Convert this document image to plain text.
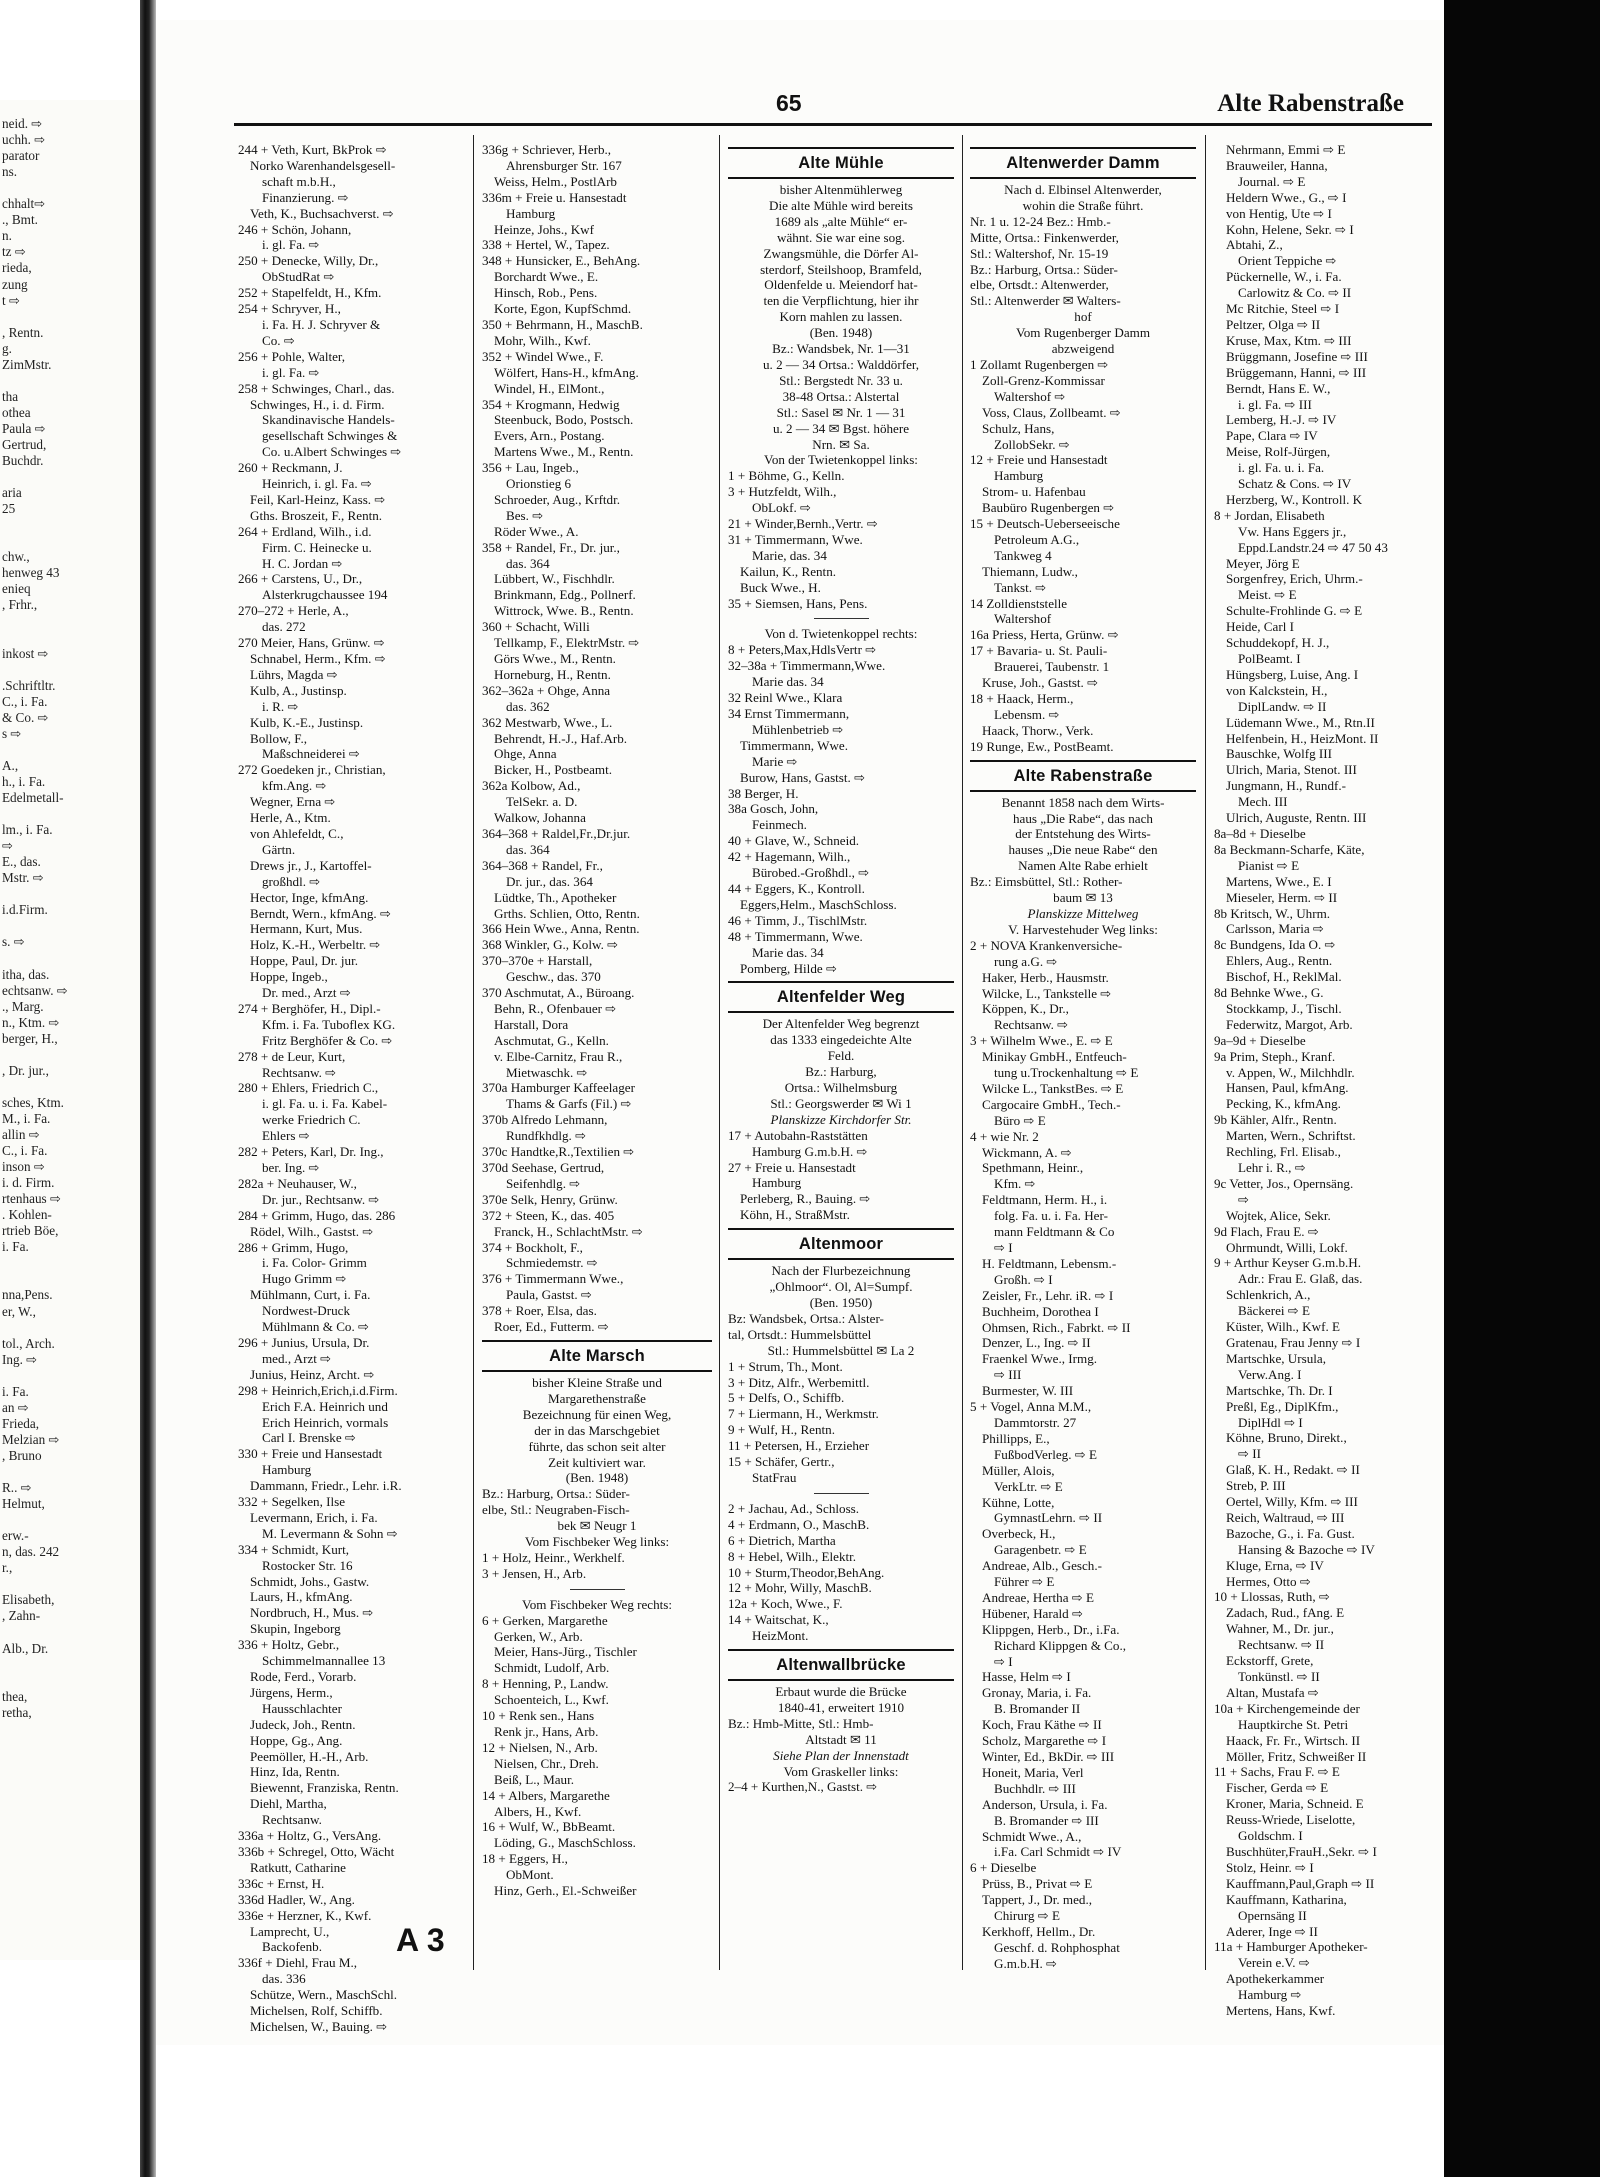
neid. ⇨
uchh. ⇨
parator
ns.

chhalt⇨
., Bmt.
n.
tz ⇨
rieda,
zung
t ⇨

, Rentn.
g.
ZimMstr.

tha
othea
Paula ⇨
Gertrud,
Buchdr.

aria
25

chw.,
henweg 43
enieq
, Frhr.,

inkost ⇨

.Schriftltr.
C., i. Fa.
& Co. ⇨
s ⇨

A.,
h., i. Fa.
Edelmetall-

lm., i. Fa.
⇨
E., das.
Mstr. ⇨

i.d.Firm.

s. ⇨

itha, das.
echtsanw. ⇨
., Marg.
n., Ktm. ⇨
berger, H.,

, Dr. jur.,

sches, Ktm.
M., i. Fa.
allin ⇨
C., i. Fa.
inson ⇨
i. d. Firm.
rtenhaus ⇨
. Kohlen-
rtrieb Böe,
i. Fa.

nna,Pens.
er, W.,

tol., Arch.
Ing. ⇨

i. Fa.
an ⇨
Frieda,
Melzian ⇨
, Bruno

R.. ⇨
Helmut,

erw.-
n, das. 242
r.,

Elisabeth,
, Zahn-

Alb., Dr.

thea,
retha,
65	Alte Rabenstraße
244 + Veth, Kurt, BkProk ⇨
Norko Warenhandelsgesell-
schaft m.b.H.,
Finanzierung. ⇨
Veth, K., Buchsachverst. ⇨
246 + Schön, Johann,
i. gl. Fa. ⇨
250 + Denecke, Willy, Dr.,
ObStudRat ⇨
252 + Stapelfeldt, H., Kfm.
254 + Schryver, H.,
i. Fa. H. J. Schryver &
Co. ⇨
256 + Pohle, Walter,
i. gl. Fa. ⇨
258 + Schwinges, Charl., das.
Schwinges, H., i. d. Firm.
Skandinavische Handels-
gesellschaft Schwinges &
Co. u.Albert Schwinges ⇨
260 + Reckmann, J.
Heinrich, i. gl. Fa. ⇨
Feil, Karl-Heinz, Kass. ⇨
Gths. Broszeit, F., Rentn.
264 + Erdland, Wilh., i.d.
Firm. C. Heinecke u.
H. C. Jordan ⇨
266 + Carstens, U., Dr.,
Alsterkrugchaussee 194
270–272 + Herle, A.,
das. 272
270 Meier, Hans, Grünw. ⇨
Schnabel, Herm., Kfm. ⇨
Lührs, Magda ⇨
Kulb, A., Justinsp.
i. R. ⇨
Kulb, K.-E., Justinsp.
Bollow, F.,
Maßschneiderei ⇨
272 Goedeken jr., Christian,
kfm.Ang. ⇨
Wegner, Erna ⇨
Herle, A., Ktm.
von Ahlefeldt, C.,
Gärtn.
Drews jr., J., Kartoffel-
großhdl. ⇨
Hector, Inge, kfmAng.
Berndt, Wern., kfmAng. ⇨
Hermann, Kurt, Mus.
Holz, K.-H., Werbeltr. ⇨
Hoppe, Paul, Dr. jur.
Hoppe, Ingeb.,
Dr. med., Arzt ⇨
274 + Berghöfer, H., Dipl.-
Kfm. i. Fa. Tuboflex KG.
Fritz Berghöfer & Co. ⇨
278 + de Leur, Kurt,
Rechtsanw. ⇨
280 + Ehlers, Friedrich C.,
i. gl. Fa. u. i. Fa. Kabel-
werke Friedrich C.
Ehlers ⇨
282 + Peters, Karl, Dr. Ing.,
ber. Ing. ⇨
282a + Neuhauser, W.,
Dr. jur., Rechtsanw. ⇨
284 + Grimm, Hugo, das. 286
Rödel, Wilh., Gastst. ⇨
286 + Grimm, Hugo,
i. Fa. Color- Grimm
Hugo Grimm ⇨
Mühlmann, Curt, i. Fa.
Nordwest-Druck
Mühlmann & Co. ⇨
296 + Junius, Ursula, Dr.
med., Arzt ⇨
Junius, Heinz, Archt. ⇨
298 + Heinrich,Erich,i.d.Firm.
Erich F.A. Heinrich und
Erich Heinrich, vormals
Carl I. Brenske ⇨
330 + Freie und Hansestadt
Hamburg
Dammann, Friedr., Lehr. i.R.
332 + Segelken, Ilse
Levermann, Erich, i. Fa.
M. Levermann & Sohn ⇨
334 + Schmidt, Kurt,
Rostocker Str. 16
Schmidt, Johs., Gastw.
Laurs, H., kfmAng.
Nordbruch, H., Mus. ⇨
Skupin, Ingeborg
336 + Holtz, Gebr.,
Schimmelmannallee 13
Rode, Ferd., Vorarb.
Jürgens, Herm.,
Hausschlachter
Judeck, Joh., Rentn.
Hoppe, Gg., Ang.
Peemöller, H.-H., Arb.
Hinz, Ida, Rentn.
Biewennt, Franziska, Rentn.
Diehl, Martha,
Rechtsanw.
336a + Holtz, G., VersAng.
336b + Schregel, Otto, Wächt
Ratkutt, Catharine
336c + Ernst, H.
336d Hadler, W., Ang.
336e + Herzner, K., Kwf.
Lamprecht, U.,
Backofenb.
336f + Diehl, Frau M.,
das. 336
Schütze, Wern., MaschSchl.
Michelsen, Rolf, Schiffb.
Michelsen, W., Bauing. ⇨
336g + Schriever, Herb.,
Ahrensburger Str. 167
Weiss, Helm., PostlArb
336m + Freie u. Hansestadt
Hamburg
Heinze, Johs., Kwf
338 + Hertel, W., Tapez.
348 + Hunsicker, E., BehAng.
Borchardt Wwe., E.
Hinsch, Rob., Pens.
Korte, Egon, KupfSchmd.
350 + Behrmann, H., MaschB.
Mohr, Wilh., Kwf.
352 + Windel Wwe., F.
Wölfert, Hans-H., kfmAng.
Windel, H., ElMont.,
354 + Krogmann, Hedwig
Steenbuck, Bodo, Postsch.
Evers, Arn., Postang.
Martens Wwe., M., Rentn.
356 + Lau, Ingeb.,
Orionstieg 6
Schroeder, Aug., Krftdr.
Bes. ⇨
Röder Wwe., A.
358 + Randel, Fr., Dr. jur.,
das. 364
Lübbert, W., Fischhdlr.
Brinkmann, Edg., Pollnerf.
Wittrock, Wwe. B., Rentn.
360 + Schacht, Willi
Tellkamp, F., ElektrMstr. ⇨
Görs Wwe., M., Rentn.
Horneburg, H., Rentn.
362–362a + Ohge, Anna
das. 362
362 Mestwarb, Wwe., L.
Behrendt, H.-J., Haf.Arb.
Ohge, Anna
Bicker, H., Postbeamt.
362a Kolbow, Ad.,
TelSekr. a. D.
Walkow, Johanna
364–368 + Raldel,Fr.,Dr.jur.
das. 364
364–368 + Randel, Fr.,
Dr. jur., das. 364
Lüdtke, Th., Apotheker
Grths. Schlien, Otto, Rentn.
366 Hein Wwe., Anna, Rentn.
368 Winkler, G., Kolw. ⇨
370–370e + Harstall,
Geschw., das. 370
370 Aschmutat, A., Büroang.
Behn, R., Ofenbauer ⇨
Harstall, Dora
Aschmutat, G., Kelln.
v. Elbe-Carnitz, Frau R.,
Mietwaschk. ⇨
370a Hamburger Kaffeelager
Thams & Garfs (Fil.) ⇨
370b Alfredo Lehmann,
Rundfkhdlg. ⇨
370c Handtke,R.,Textilien ⇨
370d Seehase, Gertrud,
Seifenhdlg. ⇨
370e Selk, Henry, Grünw.
372 + Steen, K., das. 405
Franck, H., SchlachtMstr. ⇨
374 + Bockholt, F.,
Schmiedemstr. ⇨
376 + Timmermann Wwe.,
Paula, Gastst. ⇨
378 + Roer, Elsa, das.
Roer, Ed., Futterm. ⇨
Alte Marsch
bisher Kleine Straße und
Margarethenstraße
Bezeichnung für einen Weg,
der in das Marschgebiet
führte, das schon seit alter
Zeit kultiviert war.
(Ben. 1948)
Bz.: Harburg, Ortsa.: Süder-
elbe, Stl.: Neugraben-Fisch-
bek ✉ Neugr 1
Vom Fischbeker Weg links:
1 + Holz, Heinr., Werkhelf.
3 + Jensen, H., Arb.
Vom Fischbeker Weg rechts:
6 + Gerken, Margarethe
Gerken, W., Arb.
Meier, Hans-Jürg., Tischler
Schmidt, Ludolf, Arb.
8 + Henning, P., Landw.
Schoenteich, L., Kwf.
10 + Renk sen., Hans
Renk jr., Hans, Arb.
12 + Nielsen, N., Arb.
Nielsen, Chr., Dreh.
Beiß, L., Maur.
14 + Albers, Margarethe
Albers, H., Kwf.
16 + Wulf, W., BbBeamt.
Löding, G., MaschSchloss.
18 + Eggers, H.,
ObMont.
Hinz, Gerh., El.-Schweißer
Alte Mühle
bisher Altenmühlerweg
Die alte Mühle wird bereits
1689 als „alte Mühle“ er-
wähnt. Sie war eine sog.
Zwangsmühle, die Dörfer Al-
sterdorf, Steilshoop, Bramfeld,
Oldenfelde u. Meiendorf hat-
ten die Verpflichtung, hier ihr
Korn mahlen zu lassen.
(Ben. 1948)
Bz.: Wandsbek, Nr. 1—31
u. 2 — 34 Ortsa.: Walddörfer,
Stl.: Bergstedt Nr. 33 u.
38-48 Ortsa.: Alstertal
Stl.: Sasel ✉ Nr. 1 — 31
u. 2 — 34 ✉ Bgst. höhere
Nrn. ✉ Sa.
Von der Twietenkoppel links:
1 + Böhme, G., Kelln.
3 + Hutzfeldt, Wilh.,
ObLokf. ⇨
21 + Winder,Bernh.,Vertr. ⇨
31 + Timmermann, Wwe.
Marie, das. 34
Kailun, K., Rentn.
Buck Wwe., H.
35 + Siemsen, Hans, Pens.
Von d. Twietenkoppel rechts:
8 + Peters,Max,HdlsVertr ⇨
32–38a + Timmermann,Wwe.
Marie das. 34
32 Reinl Wwe., Klara
34 Ernst Timmermann,
Mühlenbetrieb ⇨
Timmermann, Wwe.
Marie ⇨
Burow, Hans, Gastst. ⇨
38 Berger, H.
38a Gosch, John,
Feinmech.
40 + Glave, W., Schneid.
42 + Hagemann, Wilh.,
Bürobed.-Großhdl., ⇨
44 + Eggers, K., Kontroll.
Eggers,Helm., MaschSchloss.
46 + Timm, J., TischlMstr.
48 + Timmermann, Wwe.
Marie das. 34
Pomberg, Hilde ⇨
Altenfelder Weg
Der Altenfelder Weg begrenzt
das 1333 eingedeichte Alte
Feld.
Bz.: Harburg,
Ortsa.: Wilhelmsburg
Stl.: Georgswerder ✉ Wi 1
Planskizze Kirchdorfer Str.
17 + Autobahn-Raststätten
Hamburg G.m.b.H. ⇨
27 + Freie u. Hansestadt
Hamburg
Perleberg, R., Bauing. ⇨
Köhn, H., StraßMstr.
Altenmoor
Nach der Flurbezeichnung
„Ohlmoor“. Ol, Al=Sumpf.
(Ben. 1950)
Bz: Wandsbek, Ortsa.: Alster-
tal, Ortsdt.: Hummelsbüttel
Stl.: Hummelsbüttel ✉ La 2
1 + Strum, Th., Mont.
3 + Ditz, Alfr., Werbemittl.
5 + Delfs, O., Schiffb.
7 + Liermann, H., Werkmstr.
9 + Wulf, H., Rentn.
11 + Petersen, H., Erzieher
15 + Schäfer, Gertr.,
StatFrau
2 + Jachau, Ad., Schloss.
4 + Erdmann, O., MaschB.
6 + Dietrich, Martha
8 + Hebel, Wilh., Elektr.
10 + Sturm,Theodor,BehAng.
12 + Mohr, Willy, MaschB.
12a + Koch, Wwe., F.
14 + Waitschat, K.,
HeizMont.
Altenwallbrücke
Erbaut wurde die Brücke
1840-41, erweitert 1910
Bz.: Hmb-Mitte, Stl.: Hmb-
Altstadt ✉ 11
Siehe Plan der Innenstadt
Vom Graskeller links:
2–4 + Kurthen,N., Gastst. ⇨
Altenwerder Damm
Nach d. Elbinsel Altenwerder,
wohin die Straße führt.
Nr. 1 u. 12-24 Bez.: Hmb.-
Mitte, Ortsa.: Finkenwerder,
Stl.: Waltershof, Nr. 15-19
Bz.: Harburg, Ortsa.: Süder-
elbe, Ortsdt.: Altenwerder,
Stl.: Altenwerder ✉ Walters-
hof
Vom Rugenberger Damm
abzweigend
1 Zollamt Rugenbergen ⇨
Zoll-Grenz-Kommissar
Waltershof ⇨
Voss, Claus, Zollbeamt. ⇨
Schulz, Hans,
ZollobSekr. ⇨
12 + Freie und Hansestadt
Hamburg
Strom- u. Hafenbau
Baubüro Rugenbergen ⇨
15 + Deutsch-Ueberseeische
Petroleum A.G.,
Tankweg 4
Thiemann, Ludw.,
Tankst. ⇨
14 Zolldienststelle
Waltershof
16a Priess, Herta, Grünw. ⇨
17 + Bavaria- u. St. Pauli-
Brauerei, Taubenstr. 1
Kruse, Joh., Gastst. ⇨
18 + Haack, Herm.,
Lebensm. ⇨
Haack, Thorw., Verk.
19 Runge, Ew., PostBeamt.
Alte Rabenstraße
Benannt 1858 nach dem Wirts-
haus „Die Rabe“, das nach
der Entstehung des Wirts-
hauses „Die neue Rabe“ den
Namen Alte Rabe erhielt
Bz.: Eimsbüttel, Stl.: Rother-
baum ✉ 13
Planskizze Mittelweg
V. Harvestehuder Weg links:
2 + NOVA Krankenversiche-
rung a.G. ⇨
Haker, Herb., Hausmstr.
Wilcke, L., Tankstelle ⇨
Köppen, K., Dr.,
Rechtsanw. ⇨
3 + Wilhelm Wwe., E. ⇨ E
Minikay GmbH., Entfeuch-
tung u.Trockenhaltung ⇨ E
Wilcke L., TankstBes. ⇨ E
Cargocaire GmbH., Tech.-
Büro ⇨ E
4 + wie Nr. 2
Wickmann, A. ⇨
Spethmann, Heinr.,
Kfm. ⇨
Feldtmann, Herm. H., i.
folg. Fa. u. i. Fa. Her-
mann Feldtmann & Co
⇨ I
H. Feldtmann, Lebensm.-
Großh. ⇨ I
Zeisler, Fr., Lehr. iR. ⇨ I
Buchheim, Dorothea I
Ohmsen, Rich., Fabrkt. ⇨ II
Denzer, L., Ing. ⇨ II
Fraenkel Wwe., Irmg.
⇨ III
Burmester, W. III
5 + Vogel, Anna M.M.,
Dammtorstr. 27
Phillipps, E.,
FußbodVerleg. ⇨ E
Müller, Alois,
VerkLtr. ⇨ E
Kühne, Lotte,
GymnastLehrn. ⇨ II
Overbeck, H.,
Garagenbetr. ⇨ E
Andreae, Alb., Gesch.-
Führer ⇨ E
Andreae, Hertha ⇨ E
Hübener, Harald ⇨
Klippgen, Herb., Dr., i.Fa.
Richard Klippgen & Co.,
⇨ I
Hasse, Helm ⇨ I
Gronay, Maria, i. Fa.
B. Bromander II
Koch, Frau Käthe ⇨ II
Scholz, Margarethe ⇨ I
Winter, Ed., BkDir. ⇨ III
Honeit, Maria, Verl
Buchhdlr. ⇨ III
Anderson, Ursula, i. Fa.
B. Bromander ⇨ III
Schmidt Wwe., A.,
i.Fa. Carl Schmidt ⇨ IV
6 + Dieselbe
Prüss, B., Privat ⇨ E
Tappert, J., Dr. med.,
Chirurg ⇨ E
Kerkhoff, Hellm., Dr.
Geschf. d. Rohphosphat
G.m.b.H. ⇨
Nehrmann, Emmi ⇨ E
Brauweiler, Hanna,
Journal. ⇨ E
Heldern Wwe., G., ⇨ I
von Hentig, Ute ⇨ I
Kohn, Helene, Sekr. ⇨ I
Abtahi, Z.,
Orient Teppiche ⇨
Pückernelle, W., i. Fa.
Carlowitz & Co. ⇨ II
Mc Ritchie, Steel ⇨ I
Peltzer, Olga ⇨ II
Kruse, Max, Ktm. ⇨ III
Brüggmann, Josefine ⇨ III
Brüggemann, Hanni, ⇨ III
Berndt, Hans E. W.,
i. gl. Fa. ⇨ III
Lemberg, H.-J. ⇨ IV
Pape, Clara ⇨ IV
Meise, Rolf-Jürgen,
i. gl. Fa. u. i. Fa.
Schatz & Cons. ⇨ IV
Herzberg, W., Kontroll. K
8 + Jordan, Elisabeth
Vw. Hans Eggers jr.,
Eppd.Landstr.24 ⇨ 47 50 43
Meyer, Jörg E
Sorgenfrey, Erich, Uhrm.-
Meist. ⇨ E
Schulte-Frohlinde G. ⇨ E
Heide, Carl I
Schuddekopf, H. J.,
PolBeamt. I
Hüngsberg, Luise, Ang. I
von Kalckstein, H.,
DiplLandw. ⇨ II
Lüdemann Wwe., M., Rtn.II
Helfenbein, H., HeizMont. II
Bauschke, Wolfg III
Ulrich, Maria, Stenot. III
Jungmann, H., Rundf.-
Mech. III
Ulrich, Auguste, Rentn. III
8a–8d + Dieselbe
8a Beckmann-Scharfe, Käte,
Pianist ⇨ E
Martens, Wwe., E. I
Mieseler, Herm. ⇨ II
8b Kritsch, W., Uhrm.
Carlsson, Maria ⇨
8c Bundgens, Ida O. ⇨
Ehlers, Aug., Rentn.
Bischof, H., ReklMal.
8d Behnke Wwe., G.
Stockkamp, J., Tischl.
Federwitz, Margot, Arb.
9a–9d + Dieselbe
9a Prim, Steph., Kranf.
v. Appen, W., Milchhdlr.
Hansen, Paul, kfmAng.
Pecking, K., kfmAng.
9b Kähler, Alfr., Rentn.
Marten, Wern., Schriftst.
Rechling, Frl. Elisab.,
Lehr i. R., ⇨
9c Vetter, Jos., Opernsäng.
⇨
Wojtek, Alice, Sekr.
9d Flach, Frau E. ⇨
Ohrmundt, Willi, Lokf.
9 + Arthur Keyser G.m.b.H.
Adr.: Frau E. Glaß, das.
Schlenkrich, A.,
Bäckerei ⇨ E
Küster, Wilh., Kwf. E
Gratenau, Frau Jenny ⇨ I
Martschke, Ursula,
Verw.Ang. I
Martschke, Th. Dr. I
Preßl, Eg., DiplKfm.,
DiplHdl ⇨ I
Köhne, Bruno, Direkt.,
⇨ II
Glaß, K. H., Redakt. ⇨ II
Streb, P. III
Oertel, Willy, Kfm. ⇨ III
Reich, Waltraud, ⇨ III
Bazoche, G., i. Fa. Gust.
Hansing & Bazoche ⇨ IV
Kluge, Erna, ⇨ IV
Hermes, Otto ⇨
10 + Llossas, Ruth, ⇨
Zadach, Rud., fAng. E
Wahner, M., Dr. jur.,
Rechtsanw. ⇨ II
Eckstorff, Grete,
Tonkünstl. ⇨ II
Altan, Mustafa ⇨
10a + Kirchengemeinde der
Hauptkirche St. Petri
Haack, Fr. Fr., Wirtsch. II
Möller, Fritz, Schweißer II
11 + Sachs, Frau F. ⇨ E
Fischer, Gerda ⇨ E
Kroner, Maria, Schneid. E
Reuss-Wriede, Liselotte,
Goldschm. I
Buschhüter,FrauH.,Sekr. ⇨ I
Stolz, Heinr. ⇨ I
Kauffmann,Paul,Graph ⇨ II
Kauffmann, Katharina,
Opernsäng II
Aderer, Inge ⇨ II
11a + Hamburger Apotheker-
Verein e.V. ⇨
Apothekerkammer
Hamburg ⇨
Mertens, Hans, Kwf.
A 3
